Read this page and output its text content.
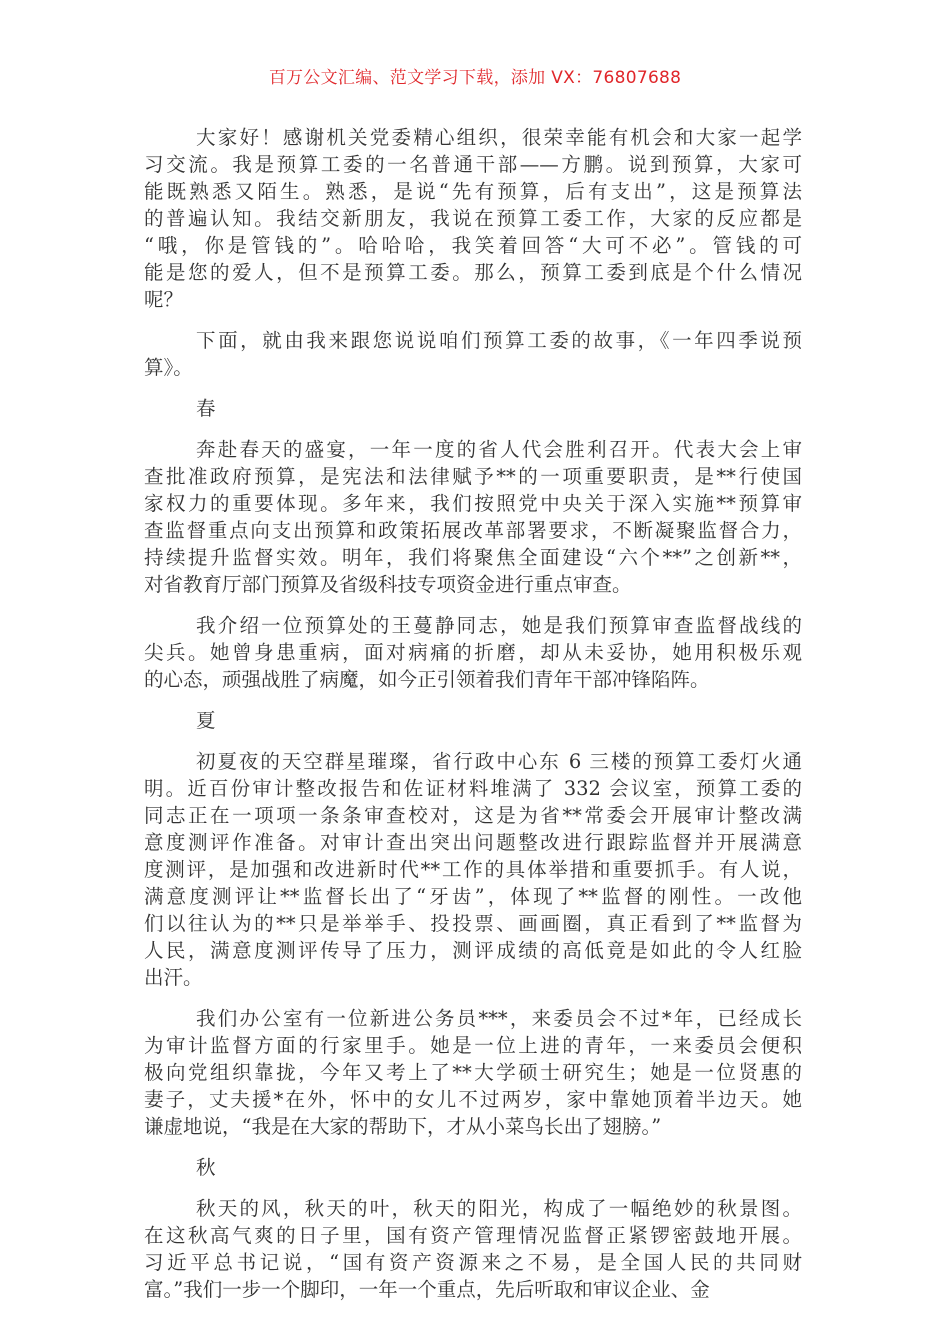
百万公文汇编、范文学习下载，添加 VX：76807688
大家好！感谢机关党委精心组织，很荣幸能有机会和大家一起学
习交流。我是预算工委的一名普通干部——方鹏。说到预算，大家可
能既熟悉又陌生。熟悉，是说“先有预算，后有支出”，这是预算法
的普遍认知。我结交新朋友，我说在预算工委工作，大家的反应都是
“哦，你是管钱的”。哈哈哈，我笑着回答“大可不必”。管钱的可
能是您的爱人，但不是预算工委。那么，预算工委到底是个什么情况
呢？
下面，就由我来跟您说说咱们预算工委的故事，《一年四季说预
算》。
春
奔赴春天的盛宴，一年一度的省人代会胜利召开。代表大会上审
查批准政府预算，是宪法和法律赋予**的一项重要职责，是**行使国
家权力的重要体现。多年来，我们按照党中央关于深入实施**预算审
查监督重点向支出预算和政策拓展改革部署要求，不断凝聚监督合力，
持续提升监督实效。明年，我们将聚焦全面建设“六个**”之创新**，
对省教育厅部门预算及省级科技专项资金进行重点审查。
我介绍一位预算处的王蔓静同志，她是我们预算审查监督战线的
尖兵。她曾身患重病，面对病痛的折磨，却从未妥协，她用积极乐观
的心态，顽强战胜了病魔，如今正引领着我们青年干部冲锋陷阵。
夏
初夏夜的天空群星璀璨，省行政中心东 6 三楼的预算工委灯火通
明。近百份审计整改报告和佐证材料堆满了 332 会议室，预算工委的
同志正在一项项一条条审查校对，这是为省**常委会开展审计整改满
意度测评作准备。对审计查出突出问题整改进行跟踪监督并开展满意
度测评，是加强和改进新时代**工作的具体举措和重要抓手。有人说，
满意度测评让**监督长出了“牙齿”，体现了**监督的刚性。一改他
们以往认为的**只是举举手、投投票、画画圈，真正看到了**监督为
人民，满意度测评传导了压力，测评成绩的高低竟是如此的令人红脸
出汗。
我们办公室有一位新进公务员***，来委员会不过*年，已经成长
为审计监督方面的行家里手。她是一位上进的青年，一来委员会便积
极向党组织靠拢，今年又考上了**大学硕士研究生；她是一位贤惠的
妻子，丈夫援*在外，怀中的女儿不过两岁，家中靠她顶着半边天。她
谦虚地说，“我是在大家的帮助下，才从小菜鸟长出了翅膀。”
秋
秋天的风，秋天的叶，秋天的阳光，构成了一幅绝妙的秋景图。
在这秋高气爽的日子里，国有资产管理情况监督正紧锣密鼓地开展。
习近平总书记说，“国有资产资源来之不易，是全国人民的共同财
富。”我们一步一个脚印，一年一个重点，先后听取和审议企业、金
